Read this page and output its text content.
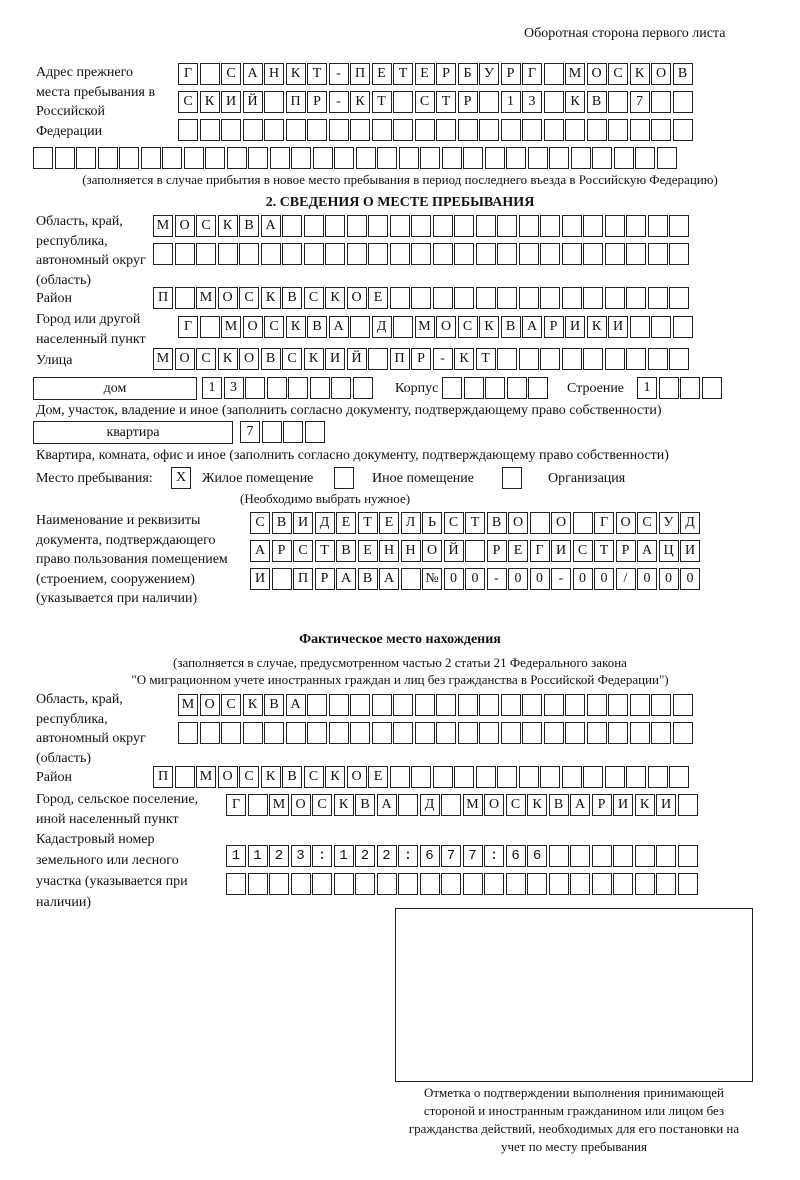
Оборотная сторона первого листа
Адрес прежнего места пребывания в Российской Федерации
Г	С А Н К Т	-	П Е Т Е Р Б У Р Г	М О С К О В
С К И Й	П Р	-	К Т	С Т Р	1	3	К В	7
(заполняется в случае прибытия в новое место пребывания в период последнего въезда в Российскую Федерацию)
2. СВЕДЕНИЯ О МЕСТЕ ПРЕБЫВАНИЯ
Область, край, республика, автономный округ (область)
М О С К В А
Район	П	М О С К В С К О Е
Город или другой населенный пункт
Г	М О С К В А	Д	М О С К В А Р И К И
Улица	М О С К О В С К И Й	П Р	-	К Т
дом	1	3	Корпус	Строение	1
Дом, участок, владение и иное (заполнить согласно документу, подтверждающему право собственности)
квартира	7
Квартира, комната, офис и иное (заполнить согласно документу, подтверждающему право собственности)
Место пребывания:	X	Жилое помещение	Иное помещение	Организация
(Необходимо выбрать нужное)
Наименование и реквизиты документа, подтверждающего право пользования помещением (строением, сооружением) (указывается при наличии)
С В И Д Е Т Е Л Ь С Т В О	О	Г О С У Д
А Р С Т В Е Н Н О Й	Р Е Г И С Т Р А Ц И
И	П Р А В А	№ 0	0	-	0	0	-	0	0	/	0	0	0
Фактическое место нахождения
(заполняется в случае, предусмотренном частью 2 статьи 21 Федерального закона
"О миграционном учете иностранных граждан и лиц без гражданства в Российской Федерации")
Область, край, республика, автономный округ (область)
М О С К В А
Район	П	М О С К В С К О Е
Город, сельское поселение, иной населенный пункт
Г	М О С К В А	Д	М О С К В А Р И К И
Кадастровый номер земельного или лесного участка (указывается при наличии)
1123:122:677:66
Отметка о подтверждении выполнения принимающей стороной и иностранным гражданином или лицом без гражданства действий, необходимых для его постановки на учет по месту пребывания
